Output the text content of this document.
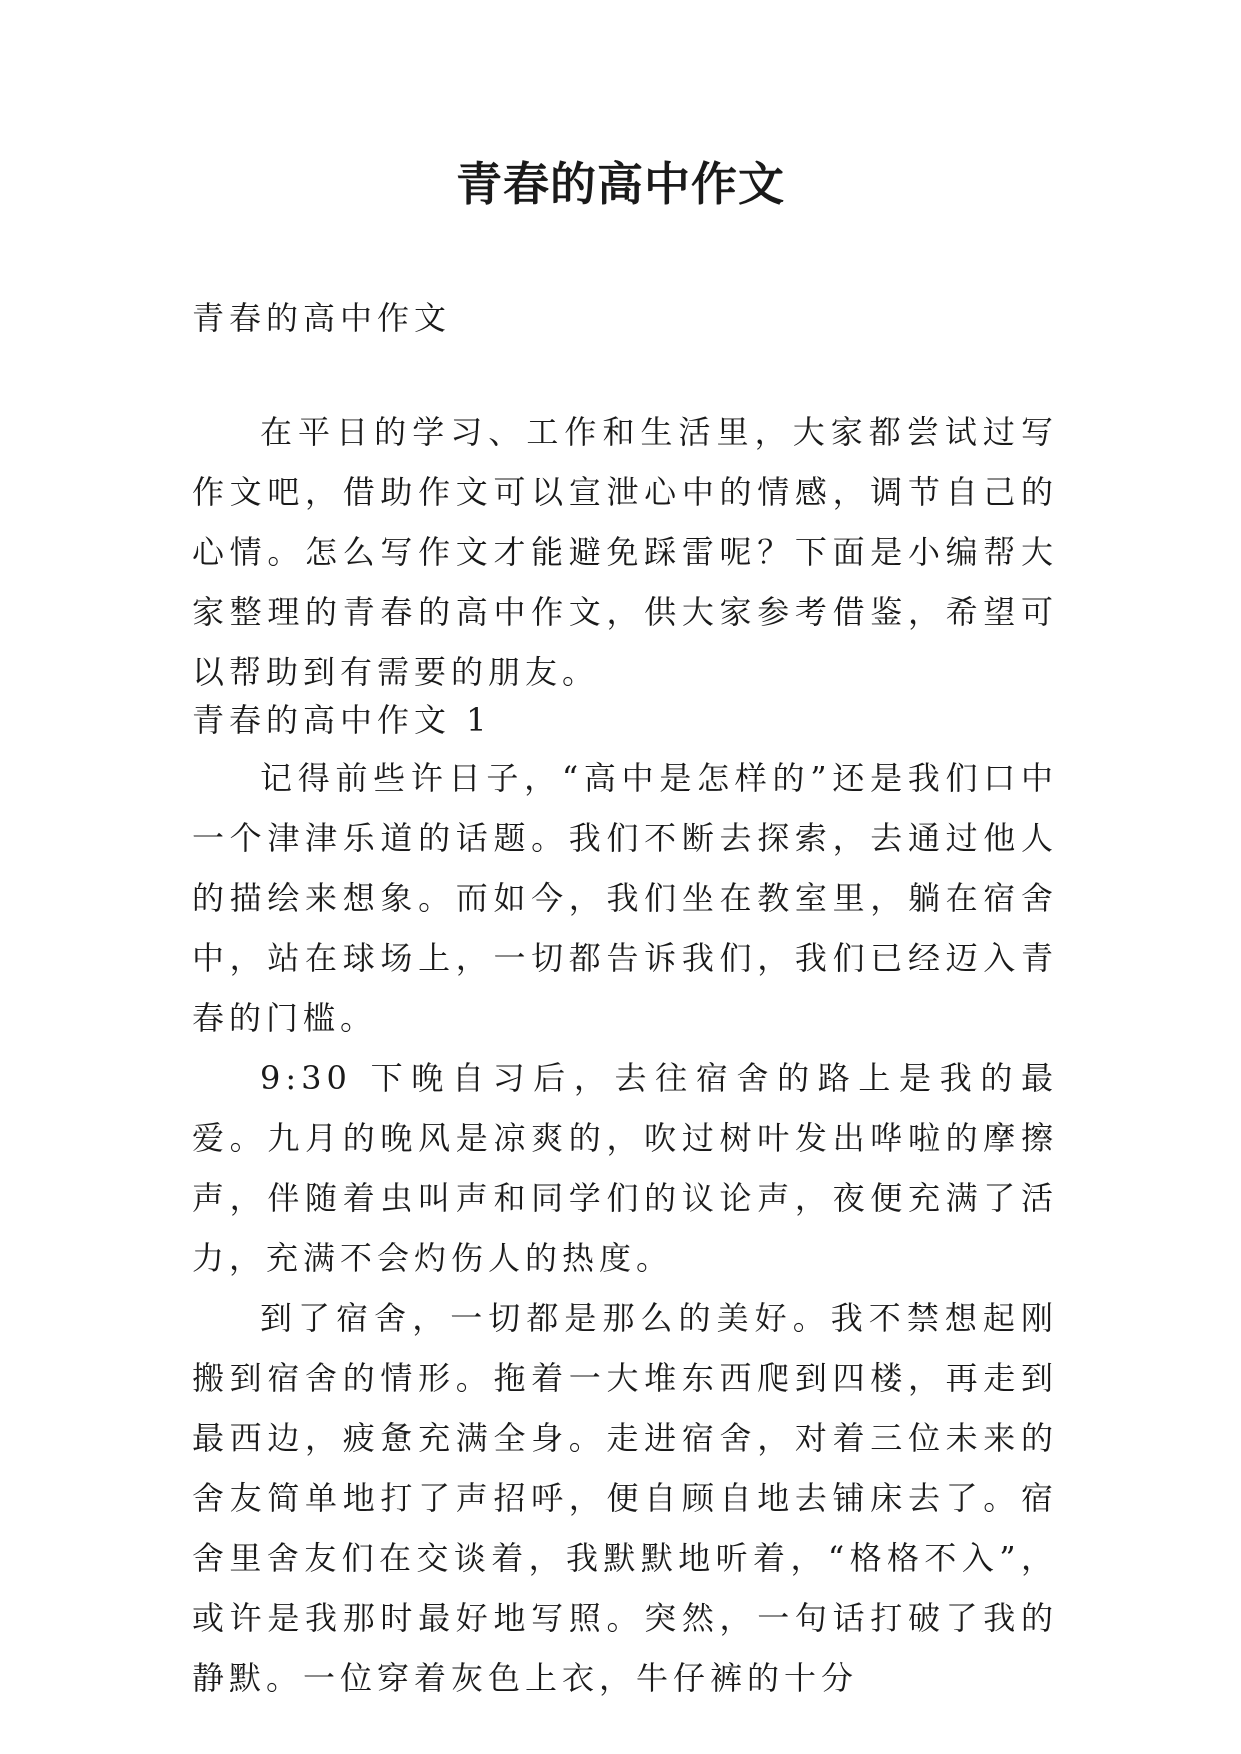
青春的高中作文

青春的高中作文

在平日的学习、工作和生活里，大家都尝试过写作文吧，借助作文可以宣泄心中的情感，调节自己的心情。怎么写作文才能避免踩雷呢？下面是小编帮大家整理的青春的高中作文，供大家参考借鉴，希望可以帮助到有需要的朋友。

青春的高中作文 1

记得前些许日子，“高中是怎样的”还是我们口中一个津津乐道的话题。我们不断去探索，去通过他人的描绘来想象。而如今，我们坐在教室里，躺在宿舍中，站在球场上，一切都告诉我们，我们已经迈入青春的门槛。

9:30 下晚自习后，去往宿舍的路上是我的最爱。九月的晚风是凉爽的，吹过树叶发出哗啦的摩擦声，伴随着虫叫声和同学们的议论声，夜便充满了活力，充满不会灼伤人的热度。

到了宿舍，一切都是那么的美好。我不禁想起刚搬到宿舍的情形。拖着一大堆东西爬到四楼，再走到最西边，疲惫充满全身。走进宿舍，对着三位未来的舍友简单地打了声招呼，便自顾自地去铺床去了。宿舍里舍友们在交谈着，我默默地听着，“格格不入”，或许是我那时最好地写照。突然，一句话打破了我的静默。一位穿着灰色上衣，牛仔裤的十分
